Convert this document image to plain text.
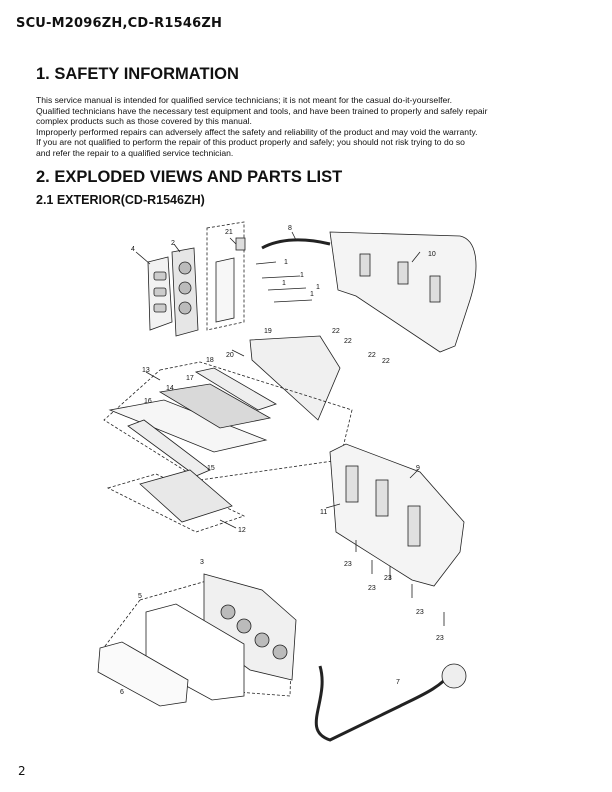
SCU-M2096ZH,CD-R1546ZH
1. SAFETY INFORMATION
This service manual is intended for qualified service technicians; it is not meant for the casual do-it-yourselfer.
Qualified technicians have the necessary test equipment and tools, and have been trained to properly and safely repair
complex products such as those covered by this manual.
Improperly performed repairs can adversely affect the safety and reliability of the product and may void the warranty.
If you are not qualified to perform the repair of this product properly and safely; you should not risk trying to do so
and refer the repair to a qualified service technician.
2. EXPLODED VIEWS AND PARTS LIST
2.1 EXTERIOR(CD-R1546ZH)
21
8
2
4
1
1
1
1
1
10
22
19
22
22
22
20
18
13
17
14
16
15	9
11
12
23
23
23
23
23
3
5
6
7
2
